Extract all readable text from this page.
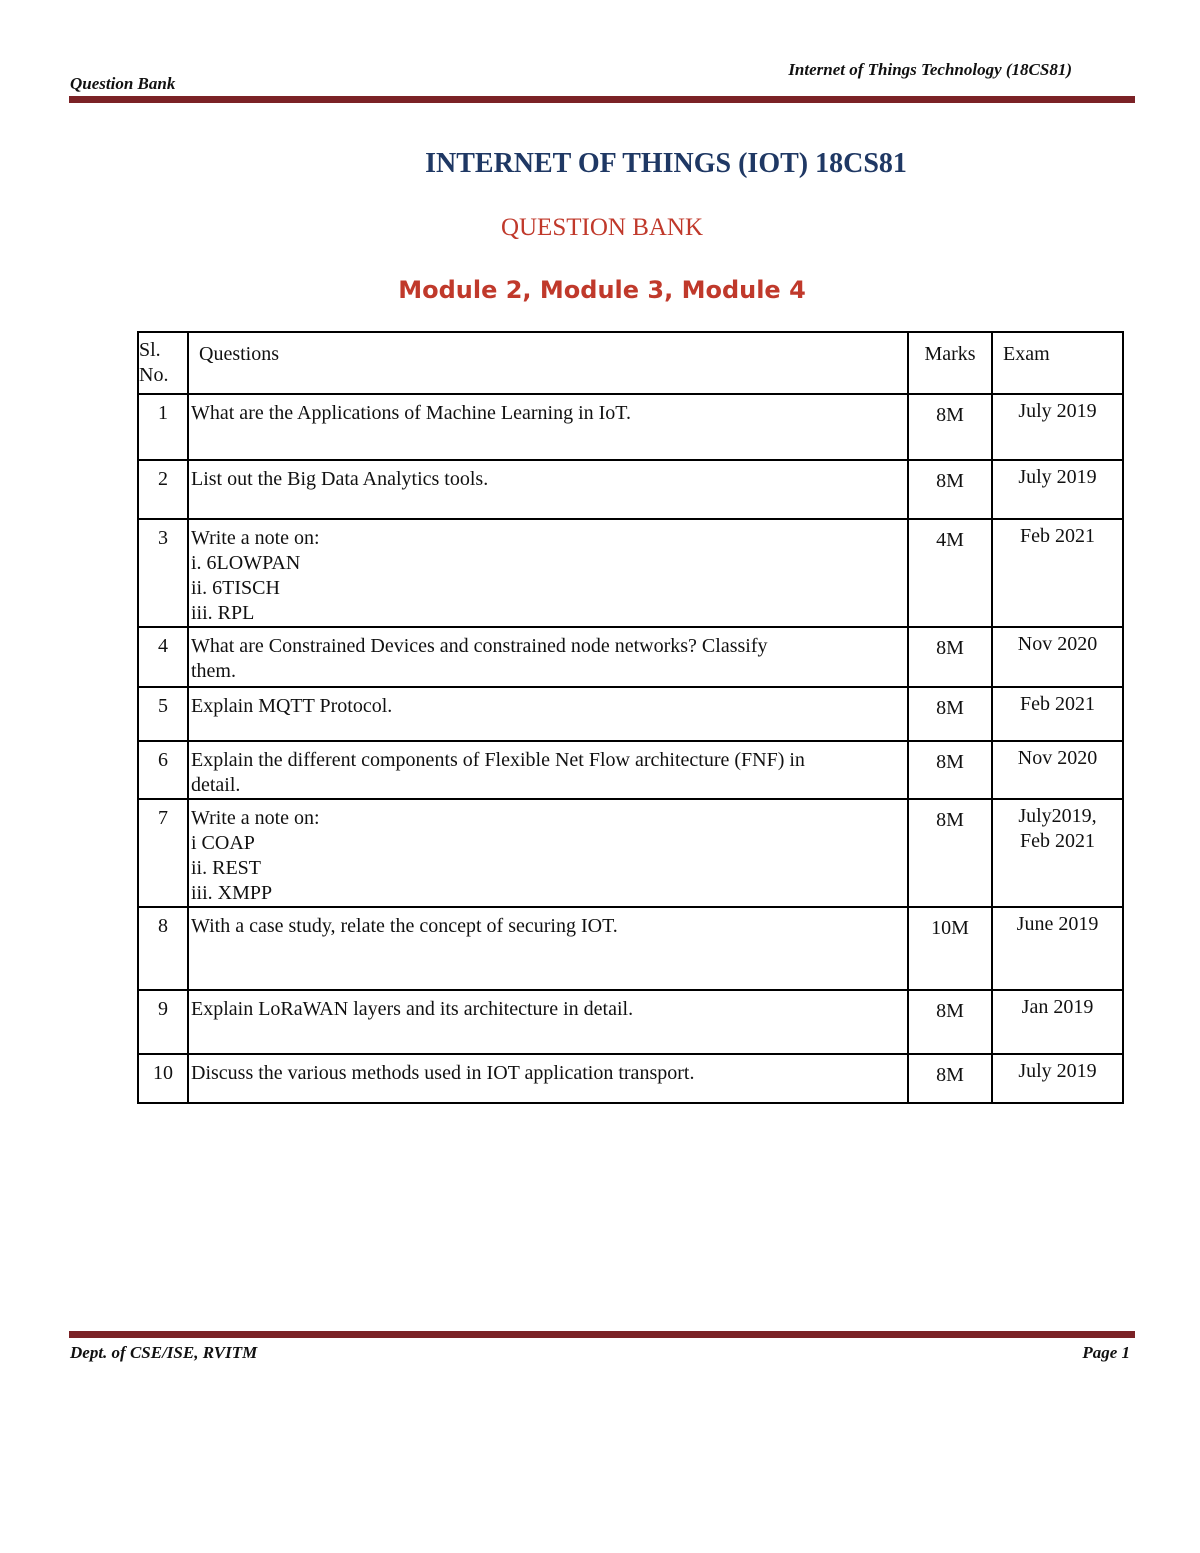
Question Bank
Internet of Things Technology (18CS81)
INTERNET OF THINGS (IOT) 18CS81
QUESTION BANK
Module 2, Module 3, Module 4
Sl.
No.	Questions	Marks	Exam

1	What are the Applications of Machine Learning in IoT.	8M	July 2019

2	List out the Big Data Analytics tools.	8M	July 2019

3	Write a note on:
i. 6LOWPAN
ii. 6TISCH
iii. RPL	4M	Feb 2021

4	What are Constrained Devices and constrained node networks? Classify
them.	8M	Nov 2020

5	Explain MQTT Protocol.	8M	Feb 2021

6	Explain the different components of Flexible Net Flow architecture (FNF) in
detail.	8M	Nov 2020

7	Write a note on:
i COAP
ii. REST
iii. XMPP	8M	July2019,
Feb 2021

8	With a case study, relate the concept of securing IOT.	10M	June 2019

9	Explain LoRaWAN layers and its architecture in detail.	8M	Jan 2019

10	Discuss the various methods used in IOT application transport.	8M	July 2019
Dept. of CSE/ISE, RVITM	Page 1
